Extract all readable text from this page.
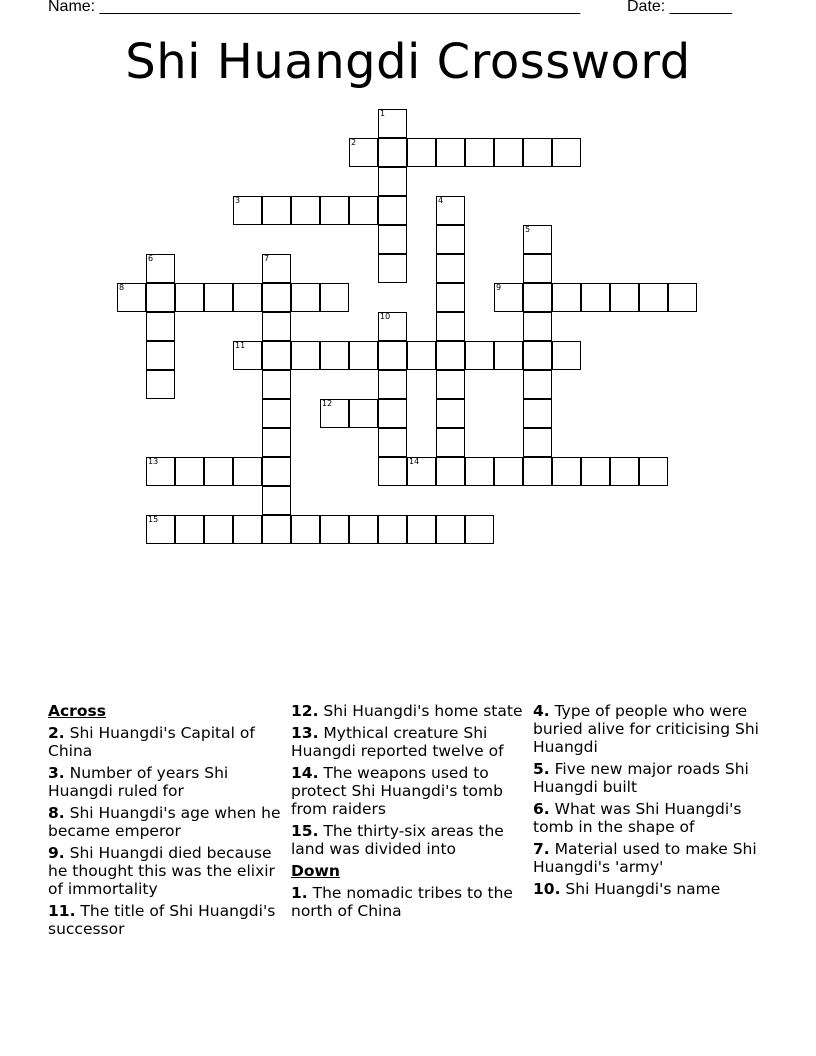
Name: ______________________________________________________	Date: _______
Shi Huangdi Crossword
1
2
3	4
5
6	7
8	9
10
11
12
13	14
15
Across
2. Shi Huangdi's Capital of China
3. Number of years Shi Huangdi ruled for
8. Shi Huangdi's age when he became emperor
9. Shi Huangdi died because he thought this was the elixir of immortality
11. The title of Shi Huangdi's successor
12. Shi Huangdi's home state
13. Mythical creature Shi Huangdi reported twelve of
14. The weapons used to protect Shi Huangdi's tomb from raiders
15. The thirty-six areas the land was divided into
Down
1. The nomadic tribes to the north of China
4. Type of people who were buried alive for criticising Shi Huangdi
5. Five new major roads Shi Huangdi built
6. What was Shi Huangdi's tomb in the shape of
7. Material used to make Shi Huangdi's 'army'
10. Shi Huangdi's name
